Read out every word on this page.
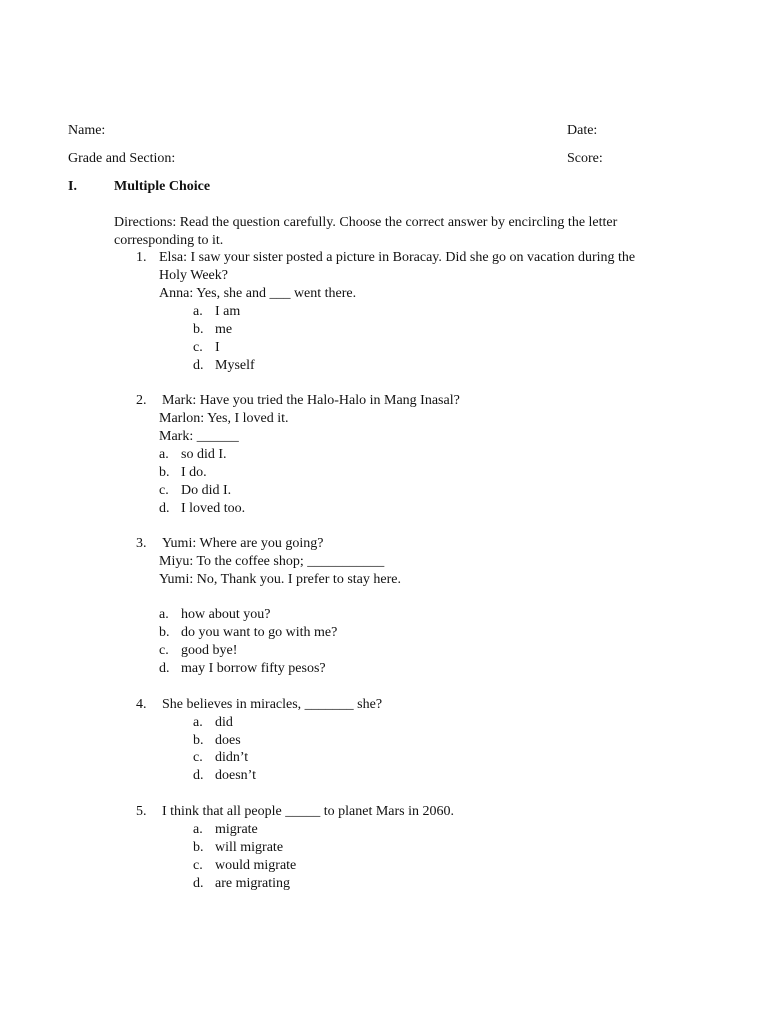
Name:	Date:
Grade and Section:	Score:
I.	Multiple Choice
Directions: Read the question carefully. Choose the correct answer by encircling the letter
corresponding to it.
1. Elsa: I saw your sister posted a picture in Boracay. Did she go on vacation during the
Holy Week?
Anna: Yes, she and ___ went there.
a. I am
b. me
c. I
d. Myself
2. Mark: Have you tried the Halo-Halo in Mang Inasal?
Marlon: Yes, I loved it.
Mark: ______
a. so did I.
b. I do.
c. Do did I.
d. I loved too.
3. Yumi: Where are you going?
Miyu: To the coffee shop; ___________
Yumi: No, Thank you. I prefer to stay here.
a. how about you?
b. do you want to go with me?
c. good bye!
d. may I borrow fifty pesos?
4. She believes in miracles, _______ she?
a. did
b. does
c. didn’t
d. doesn’t
5. I think that all people _____ to planet Mars in 2060.
a. migrate
b. will migrate
c. would migrate
d. are migrating
